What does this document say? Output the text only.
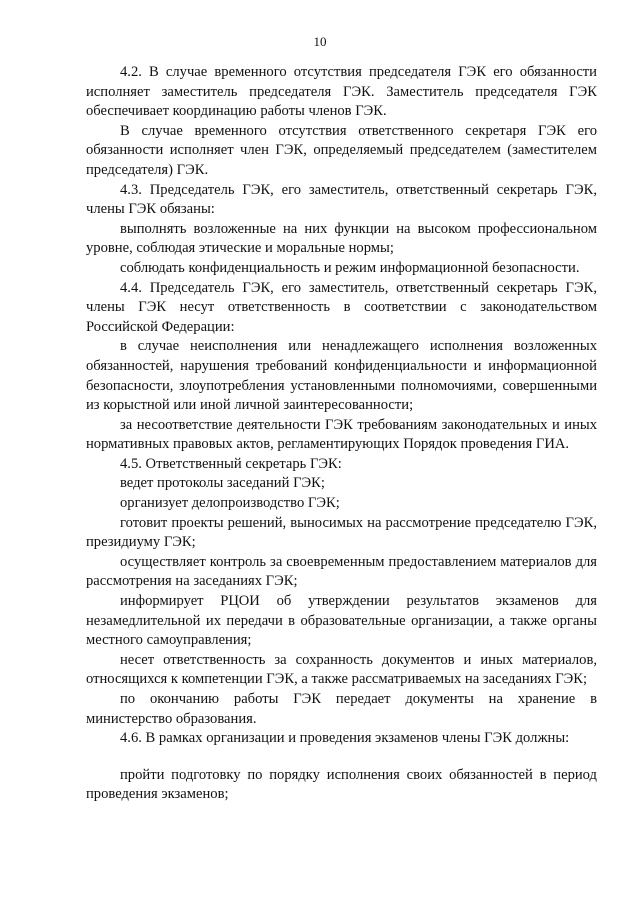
10

4.2. В случае временного отсутствия председателя ГЭК его обязанности исполняет заместитель председателя ГЭК. Заместитель председателя ГЭК обеспечивает координацию работы членов ГЭК.

В случае временного отсутствия ответственного секретаря ГЭК его обязанности исполняет член ГЭК, определяемый председателем (заместителем председателя) ГЭК.

4.3. Председатель ГЭК, его заместитель, ответственный секретарь ГЭК, члены ГЭК обязаны:

выполнять возложенные на них функции на высоком профессиональном уровне, соблюдая этические и моральные нормы;

соблюдать конфиденциальность и режим информационной безопасности.

4.4. Председатель ГЭК, его заместитель, ответственный секретарь ГЭК, члены ГЭК несут ответственность в соответствии с законодательством Российской Федерации:

в случае неисполнения или ненадлежащего исполнения возложенных обязанностей, нарушения требований конфиденциальности и информационной безопасности, злоупотребления установленными полномочиями, совершенными из корыстной или иной личной заинтересованности;

за несоответствие деятельности ГЭК требованиям законодательных и иных нормативных правовых актов, регламентирующих Порядок проведения ГИА.

4.5. Ответственный секретарь ГЭК:

ведет протоколы заседаний ГЭК;

организует делопроизводство ГЭК;

готовит проекты решений, выносимых на рассмотрение председателю ГЭК, президиуму ГЭК;

осуществляет контроль за своевременным предоставлением материалов для рассмотрения на заседаниях ГЭК;

информирует РЦОИ об утверждении результатов экзаменов для незамедлительной их передачи в образовательные организации, а также органы местного самоуправления;

несет ответственность за сохранность документов и иных материалов, относящихся к компетенции ГЭК, а также рассматриваемых на заседаниях ГЭК;

по окончанию работы ГЭК передает документы на хранение в министерство образования.

4.6. В рамках организации и проведения экзаменов члены ГЭК должны:

пройти подготовку по порядку исполнения своих обязанностей в период проведения экзаменов;
